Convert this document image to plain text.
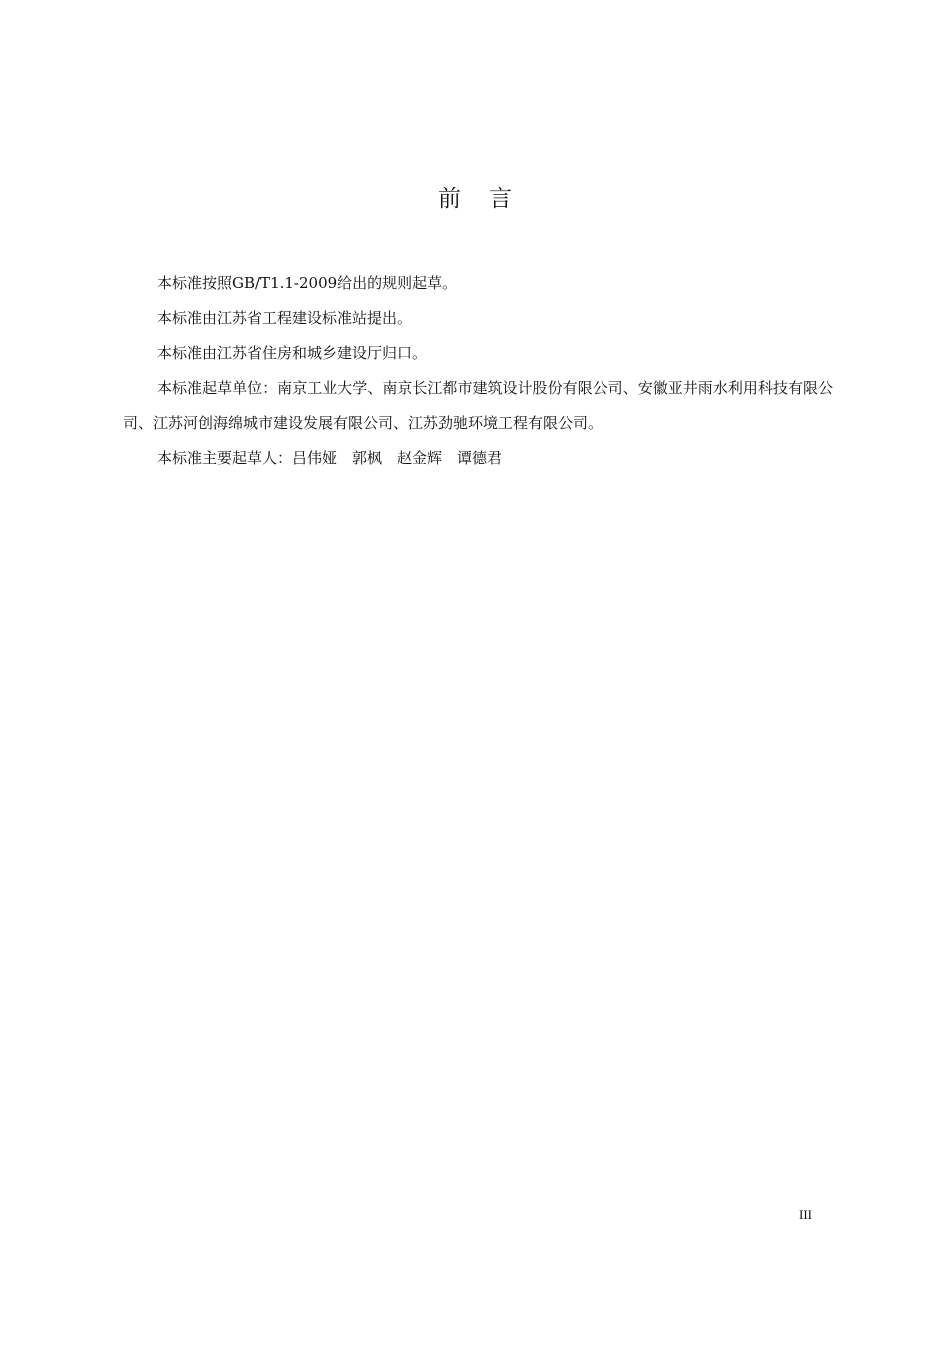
前言

本标准按照GB/T1.1-2009给出的规则起草。

本标准由江苏省工程建设标准站提出。

本标准由江苏省住房和城乡建设厅归口。

本标准起草单位：南京工业大学、南京长江都市建筑设计股份有限公司、安徽亚井雨水利用科技有限公司、江苏河创海绵城市建设发展有限公司、江苏劲驰环境工程有限公司。

本标准主要起草人：吕伟娅　郭枫　赵金辉　谭德君

III
